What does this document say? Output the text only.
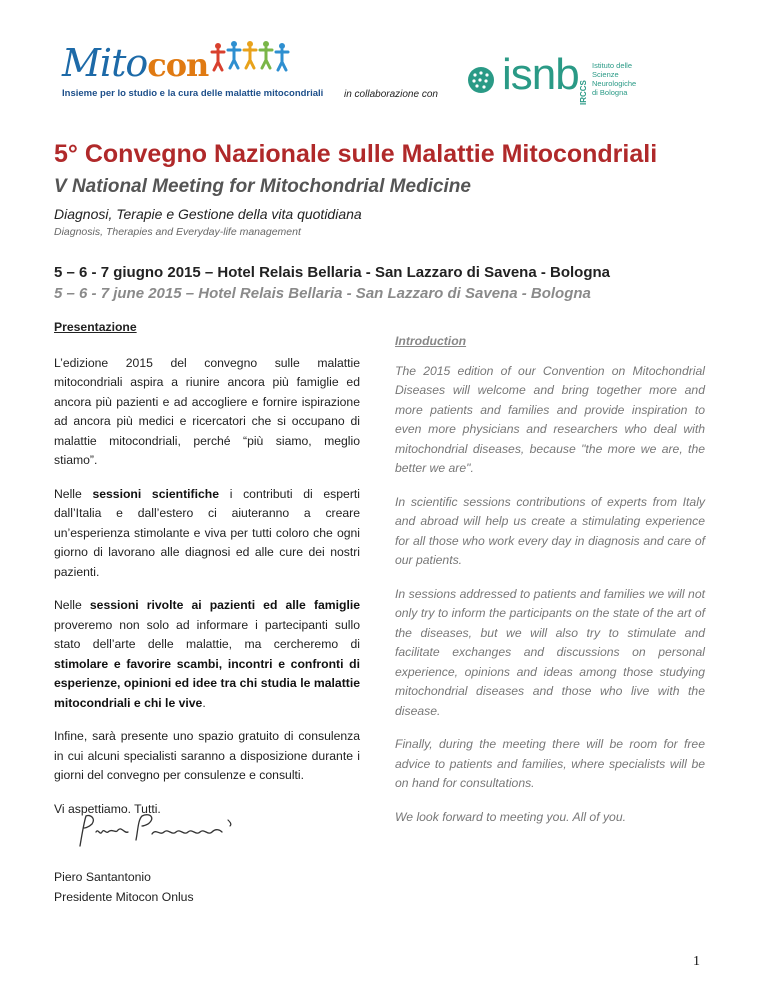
Mitocon
Insieme per lo studio e la cura delle malattie mitocondriali in collaborazione con isnb IRCCS
Istituto delle
Scienze Neurologiche
di Bologna
5° Convegno Nazionale sulle Malattie Mitocondriali
V National Meeting for Mitochondrial Medicine
Diagnosi, Terapie e Gestione della vita quotidiana
Diagnosis, Therapies and Everyday-life management
5 – 6 - 7 giugno 2015 – Hotel Relais Bellaria - San Lazzaro di Savena - Bologna
5 – 6 - 7 june 2015 – Hotel Relais Bellaria - San Lazzaro di Savena - Bologna
Presentazione

L’edizione 2015 del convegno sulle malattie mitocondriali aspira a riunire ancora più famiglie ed ancora più pazienti e ad accogliere e fornire ispirazione ad ancora più medici e ricercatori che si occupano di malattie mitocondriali, perché “più siamo, meglio stiamo”.

Nelle sessioni scientifiche i contributi di esperti dall’Italia e dall’estero ci aiuteranno a creare un’esperienza stimolante e viva per tutti coloro che ogni giorno di lavorano alle diagnosi ed alle cure dei nostri pazienti.

Nelle sessioni rivolte ai pazienti ed alle famiglie proveremo non solo ad informare i partecipanti sullo stato dell’arte delle malattie, ma cercheremo di stimolare e favorire scambi, incontri e confronti di esperienze, opinioni ed idee tra chi studia le malattie mitocondriali e chi le vive.

Infine, sarà presente uno spazio gratuito di consulenza in cui alcuni specialisti saranno a disposizione durante i giorni del convegno per consulenze e consulti.

Vi aspettiamo. Tutti.

Introduction

The 2015 edition of our Convention on Mitochondrial Diseases will welcome and bring together more and more patients and families and provide inspiration to even more physicians and researchers who deal with mitochondrial diseases, because "the more we are, the better we are".

In scientific sessions contributions of experts from Italy and abroad will help us create a stimulating experience for all those who work every day in diagnosis and care of our patients.

In sessions addressed to patients and families we will not only try to inform the participants on the state of the art of the diseases, but we will also try to stimulate and facilitate exchanges and discussions on personal experience, opinions and ideas among those studying mitochondrial diseases and those who live with the disease.

Finally, during the meeting there will be room for free advice to patients and families, where specialists will be on hand for consultations.

We look forward to meeting you. All of you.

Piero Santantonio
Presidente Mitocon Onlus
1
